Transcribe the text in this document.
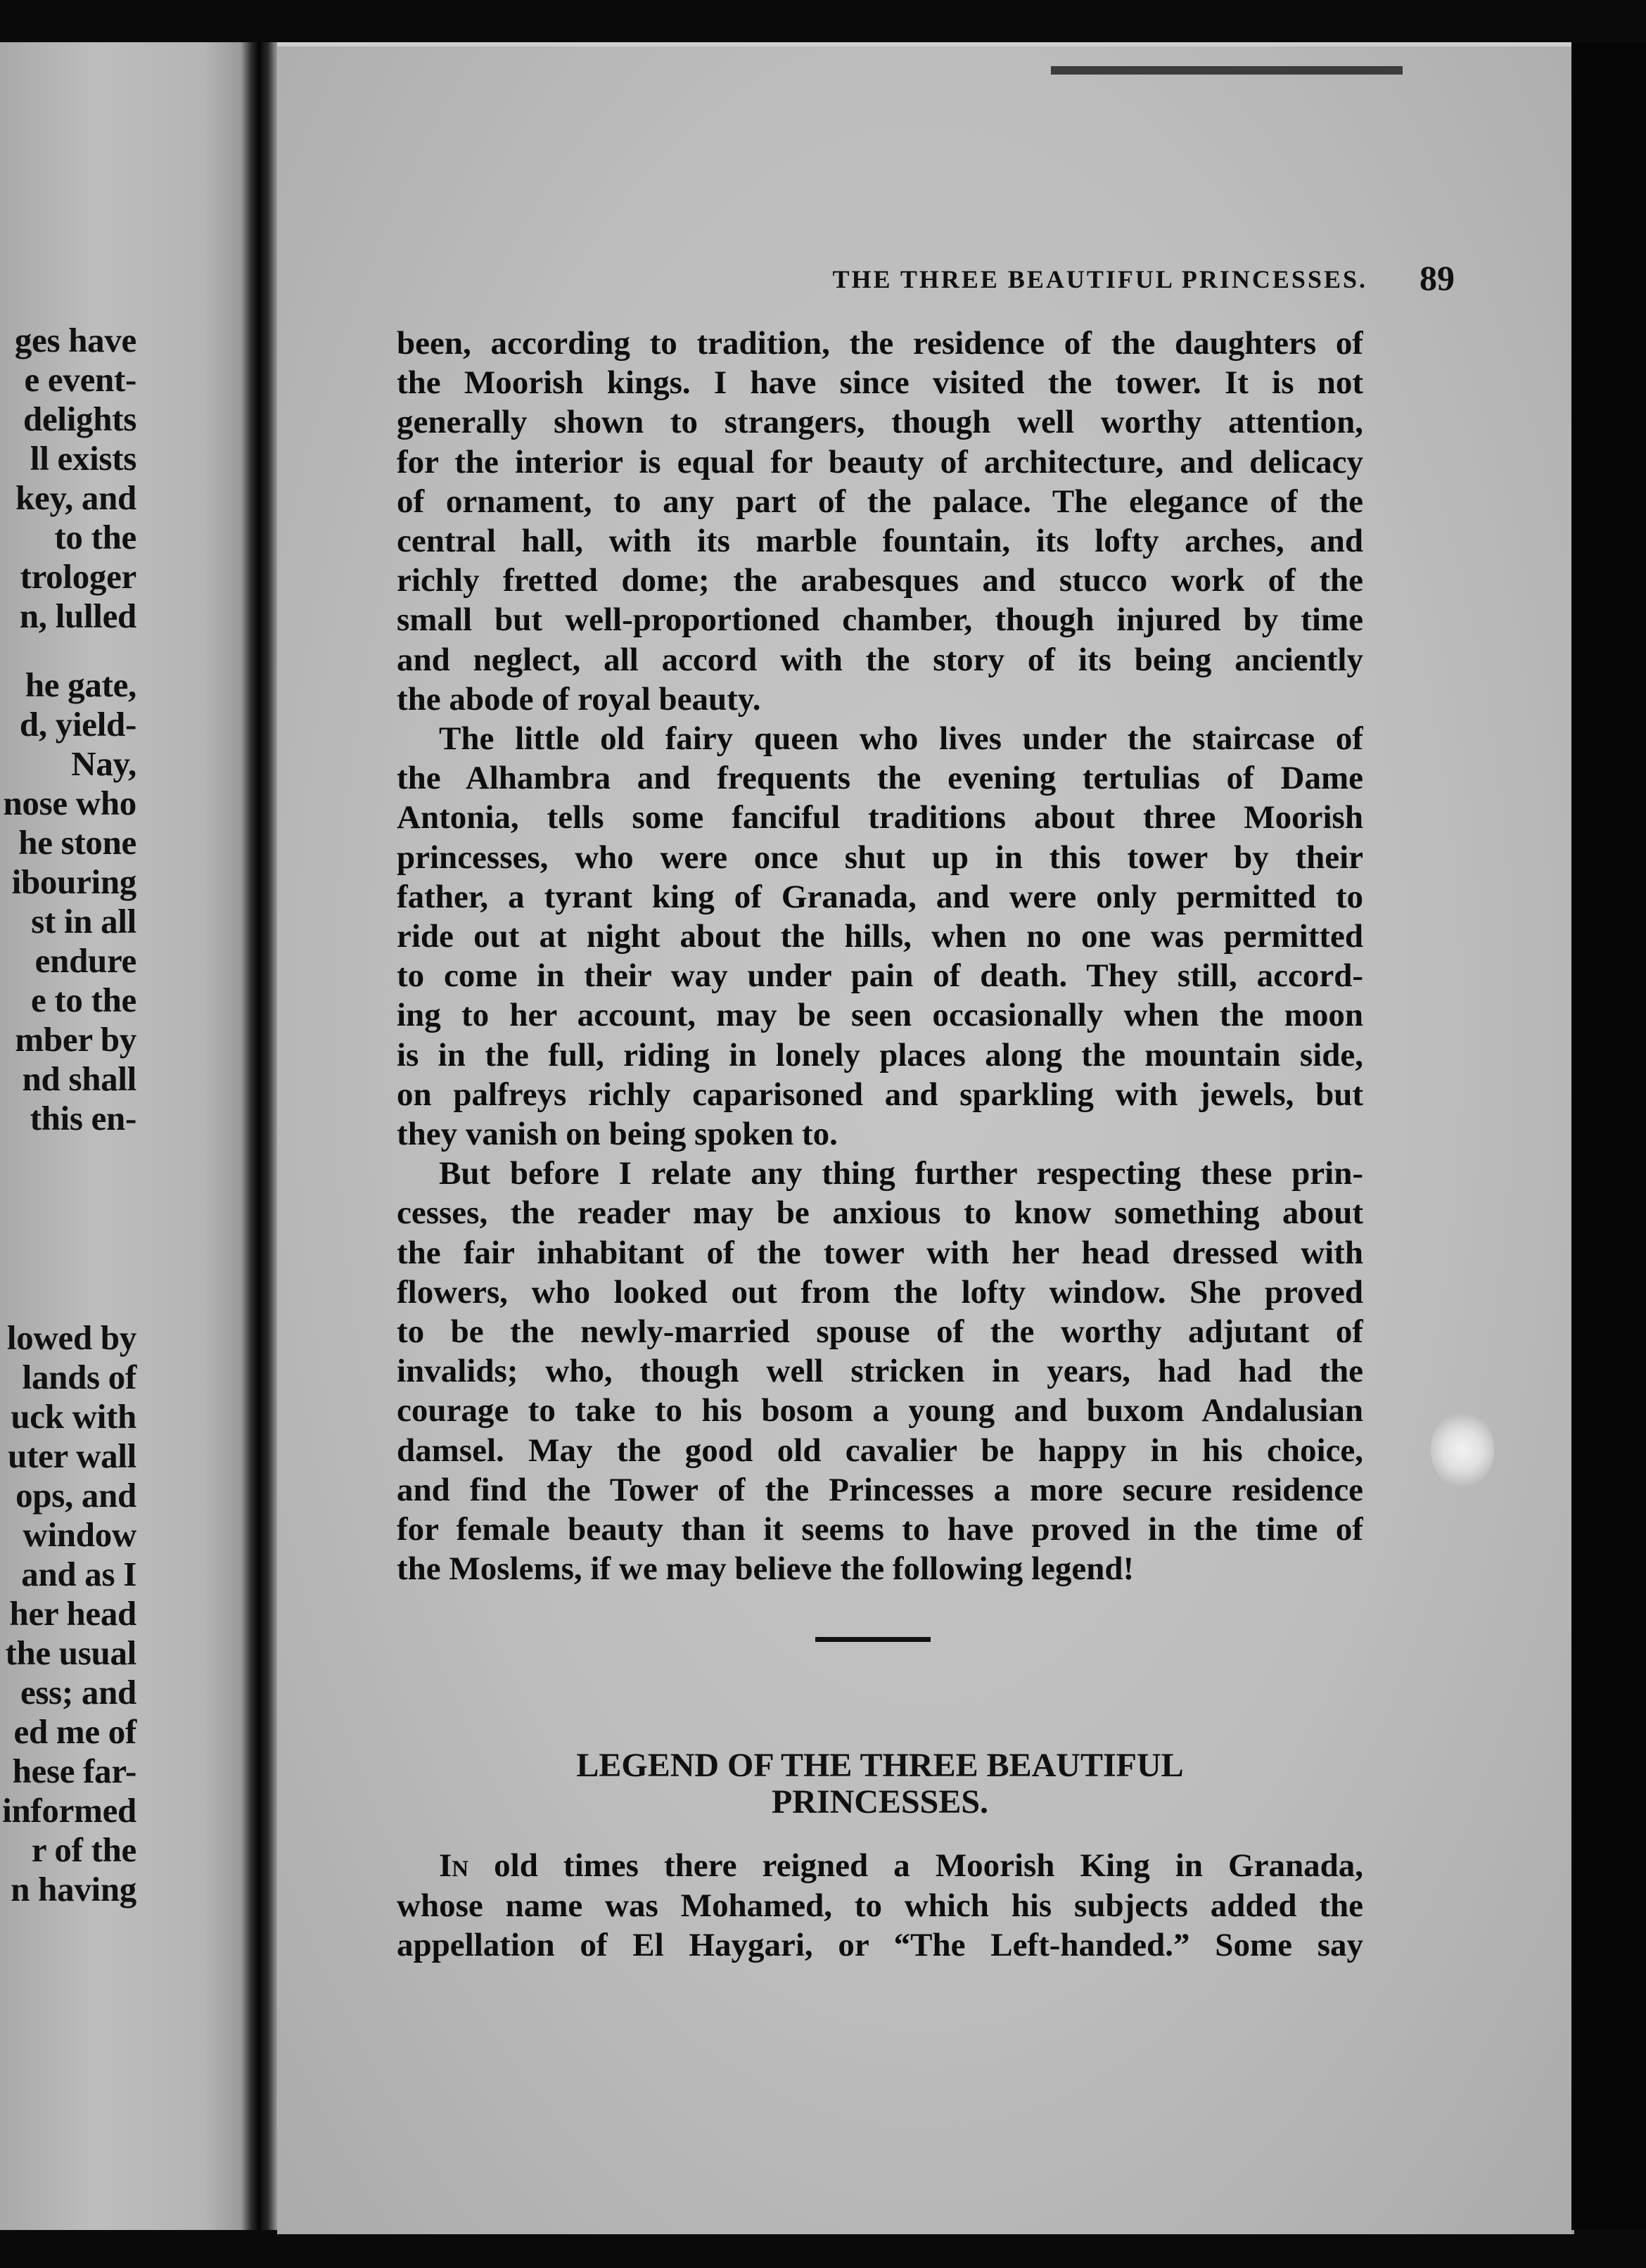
ges have
e event-
delights
ll exists
key, and
to the
trologer
n, lulled
he gate,
d, yield-
Nay,
nose who
he stone
ibouring
st in all
endure
e to the
mber by
nd shall
this en-
lowed by
lands of
uck with
uter wall
ops, and
window
and as I
her head
the usual
ess; and
ed me of
hese far-
informed
r of the
n having
THE THREE BEAUTIFUL PRINCESSES. 89
been, according to tradition, the residence of the daughters of
the Moorish kings. I have since visited the tower. It is not
generally shown to strangers, though well worthy attention,
for the interior is equal for beauty of architecture, and delicacy
of ornament, to any part of the palace. The elegance of the
central hall, with its marble fountain, its lofty arches, and
richly fretted dome; the arabesques and stucco work of the
small but well-proportioned chamber, though injured by time
and neglect, all accord with the story of its being anciently
the abode of royal beauty.
The little old fairy queen who lives under the staircase of
the Alhambra and frequents the evening tertulias of Dame
Antonia, tells some fanciful traditions about three Moorish
princesses, who were once shut up in this tower by their
father, a tyrant king of Granada, and were only permitted to
ride out at night about the hills, when no one was permitted
to come in their way under pain of death. They still, accord-
ing to her account, may be seen occasionally when the moon
is in the full, riding in lonely places along the mountain side,
on palfreys richly caparisoned and sparkling with jewels, but
they vanish on being spoken to.
But before I relate any thing further respecting these prin-
cesses, the reader may be anxious to know something about
the fair inhabitant of the tower with her head dressed with
flowers, who looked out from the lofty window. She proved
to be the newly-married spouse of the worthy adjutant of
invalids; who, though well stricken in years, had had the
courage to take to his bosom a young and buxom Andalusian
damsel. May the good old cavalier be happy in his choice,
and find the Tower of the Princesses a more secure residence
for female beauty than it seems to have proved in the time of
the Moslems, if we may believe the following legend!
LEGEND OF THE THREE BEAUTIFUL
PRINCESSES.
In old times there reigned a Moorish King in Granada,
whose name was Mohamed, to which his subjects added the
appellation of El Haygari, or “The Left-handed.” Some say
